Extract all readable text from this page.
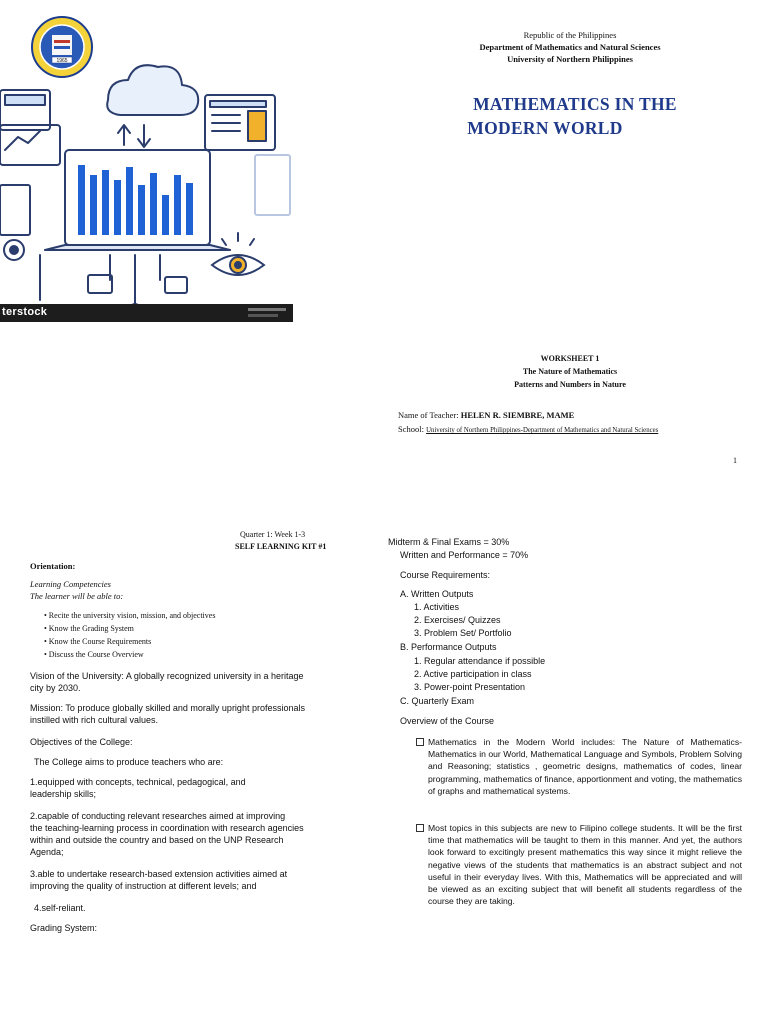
1965
terstock
Republic of the Philippines
Department of Mathematics and Natural Sciences
University of Northern Philippines
MATHEMATICS IN THE
MODERN WORLD
WORKSHEET 1
The Nature of Mathematics
Patterns and Numbers in Nature
Name of Teacher: HELEN R. SIEMBRE, MAME
School: University of Northern Philippines-Department of Mathematics and Natural Sciences
1
Quarter 1: Week 1-3
SELF LEARNING KIT #1
Orientation:
Learning Competencies
The learner will be able to:
• Recite the university vision, mission, and objectives
• Know the Grading System
• Know the Course Requirements
• Discuss the Course Overview
Vision of the University: A globally recognized university in a heritage
city by 2030.
Mission: To produce globally skilled and morally upright professionals
instilled with rich cultural values.
Objectives of the College:
The College aims to produce teachers who are:
1.equipped with concepts, technical, pedagogical, and
leadership skills;
2.capable of conducting relevant researches aimed at improving
the teaching-learning process in coordination with research agencies
within and outside the country and based on the UNP Research
Agenda;
3.able to undertake research-based extension activities aimed at
improving the quality of instruction at different levels; and
4.self-reliant.
Grading System:
Midterm & Final Exams = 30%
Written and Performance = 70%
Course Requirements:
A. Written Outputs
1. Activities
2. Exercises/ Quizzes
3. Problem Set/ Portfolio
B. Performance Outputs
1. Regular attendance if possible
2. Active participation in class
3. Power-point Presentation
C. Quarterly Exam
Overview of the Course
Mathematics in the Modern World includes: The Nature of Mathematics- Mathematics in our World, Mathematical Language and Symbols, Problem Solving and Reasoning; statistics , geometric designs, mathematics of codes, linear programming, mathematics of finance, apportionment and voting, the mathematics of graphs and mathematical systems.
Most topics in this subjects are new to Filipino college students. It will be the first time that mathematics will be taught to them in this manner. And yet, the authors look forward to excitingly present mathematics this way since it might relieve the negative views of the students that mathematics is an abstract subject and not useful in their everyday lives. With this, Mathematics will be appreciated and will be viewed as an exciting subject that will benefit all students regardless of the course they are taking.
